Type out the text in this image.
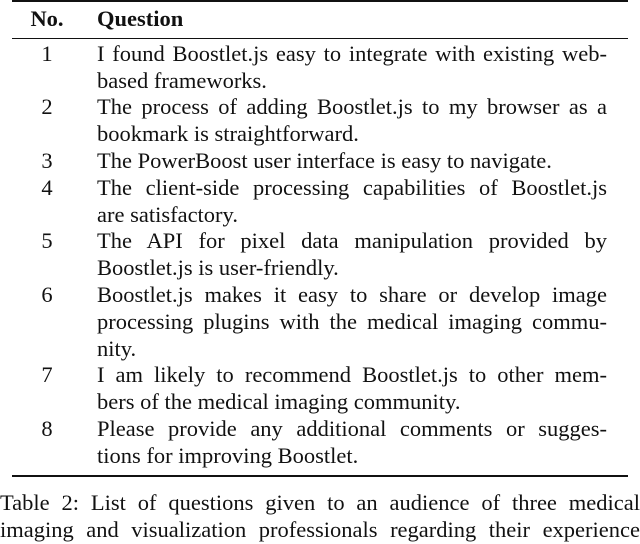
No.	Question
1	I found Boostlet.js easy to integrate with existing web-
based frameworks.
2	The process of adding Boostlet.js to my browser as a
bookmark is straightforward.
3	The PowerBoost user interface is easy to navigate.
4	The client-side processing capabilities of Boostlet.js
are satisfactory.
5	The API for pixel data manipulation provided by
Boostlet.js is user-friendly.
6	Boostlet.js makes it easy to share or develop image
processing plugins with the medical imaging commu-
nity.
7	I am likely to recommend Boostlet.js to other mem-
bers of the medical imaging community.
8	Please provide any additional comments or sugges-
tions for improving Boostlet.
Table 2: List of questions given to an audience of three medical
imaging and visualization professionals regarding their experience
